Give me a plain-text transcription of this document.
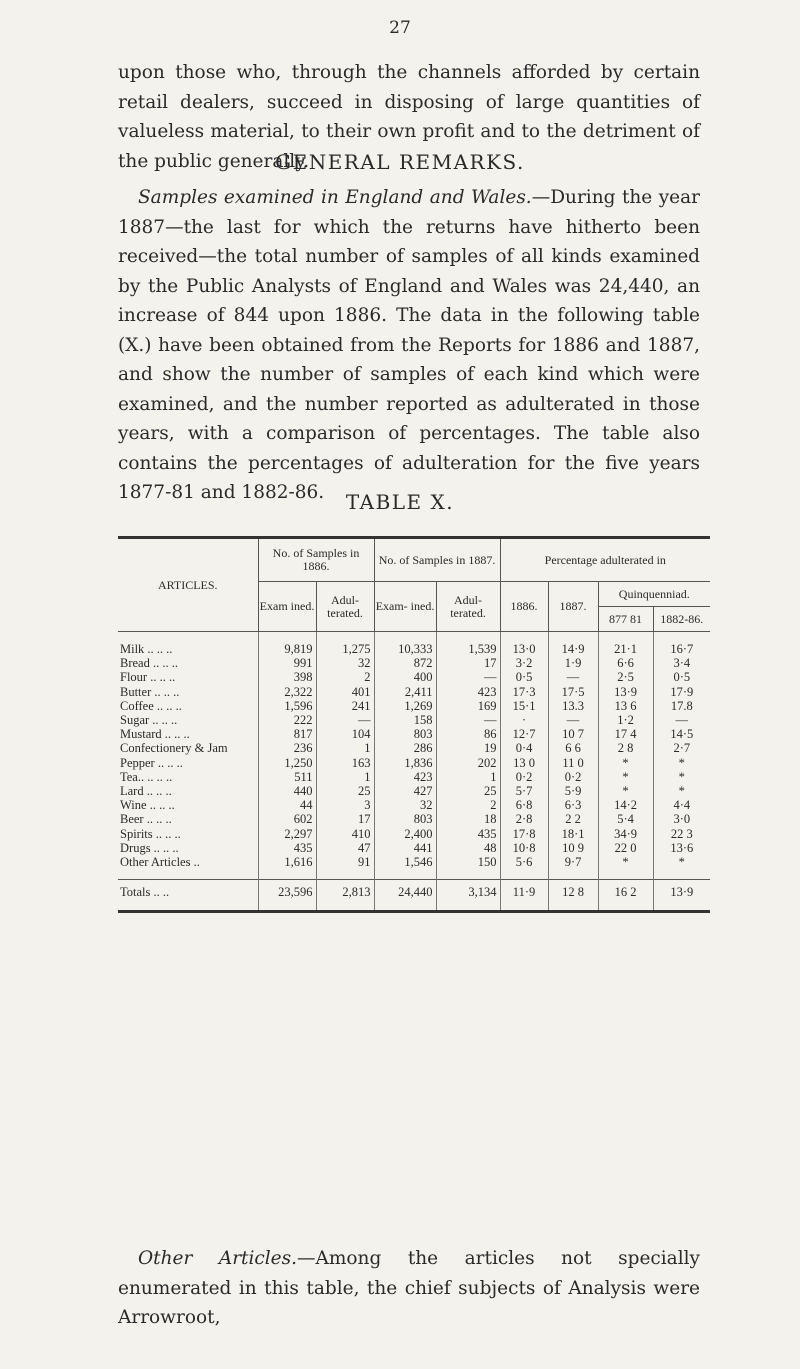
27

upon those who, through the channels afforded by certain retail dealers, succeed in disposing of large quantities of valueless material, to their own profit and to the detriment of the public generally.

GENERAL REMARKS.

Samples examined in England and Wales.—During the year 1887—the last for which the returns have hitherto been received—the total number of samples of all kinds examined by the Public Analysts of England and Wales was 24,440, an increase of 844 upon 1886. The data in the following table (X.) have been obtained from the Reports for 1886 and 1887, and show the number of samples of each kind which were examined, and the number reported as adulterated in those years, with a comparison of percentages. The table also contains the percentages of adulteration for the five years 1877-81 and 1882-86.	TABLE X.
ARTICLES.	No. of Samples in 1886.		No. of Samples in 1887.		Percentage adulterated in			
	Exam ined.	Adul- terated.	Exam- ined.	Adul- terated.	1886.	1887.	Quinquenniad.	
							877 81	1882-86.

Milk .. .. ..	9,819	1,275	10,333	1,539	13·0	14·9	21·1	16·7
Bread .. .. ..	991	32	872	17	3·2	1·9	6·6	3·4
Flour .. .. ..	398	2	400	—	0·5	—	2·5	0·5
Butter .. .. ..	2,322	401	2,411	423	17·3	17·5	13·9	17·9
Coffee .. .. ..	1,596	241	1,269	169	15·1	13.3	13 6	17.8
Sugar .. .. ..	222	—	158	—	·	—	1·2	—
Mustard .. .. ..	817	104	803	86	12·7	10 7	17 4	14·5
Confectionery & Jam	236	1	286	19	0·4	6 6	2 8	2·7
Pepper .. .. ..	1,250	163	1,836	202	13 0	11 0	*	*
Tea.. .. .. ..	511	1	423	1	0·2	0·2	*	*
Lard .. .. ..	440	25	427	25	5·7	5·9	*	*
Wine .. .. ..	44	3	32	2	6·8	6·3	14·2	4·4
Beer .. .. ..	602	17	803	18	2·8	2 2	5·4	3·0
Spirits .. .. ..	2,297	410	2,400	435	17·8	18·1	34·9	22 3
Drugs .. .. ..	435	47	441	48	10·8	10 9	22 0	13·6
Other Articles ..	1,616	91	1,546	150	5·6	9·7	*	*

Totals .. ..	23,596	2,813	24,440	3,134	11·9	12 8	16 2	13·9

Other Articles.—Among the articles not specially enumerated in this table, the chief subjects of Analysis were Arrowroot,
